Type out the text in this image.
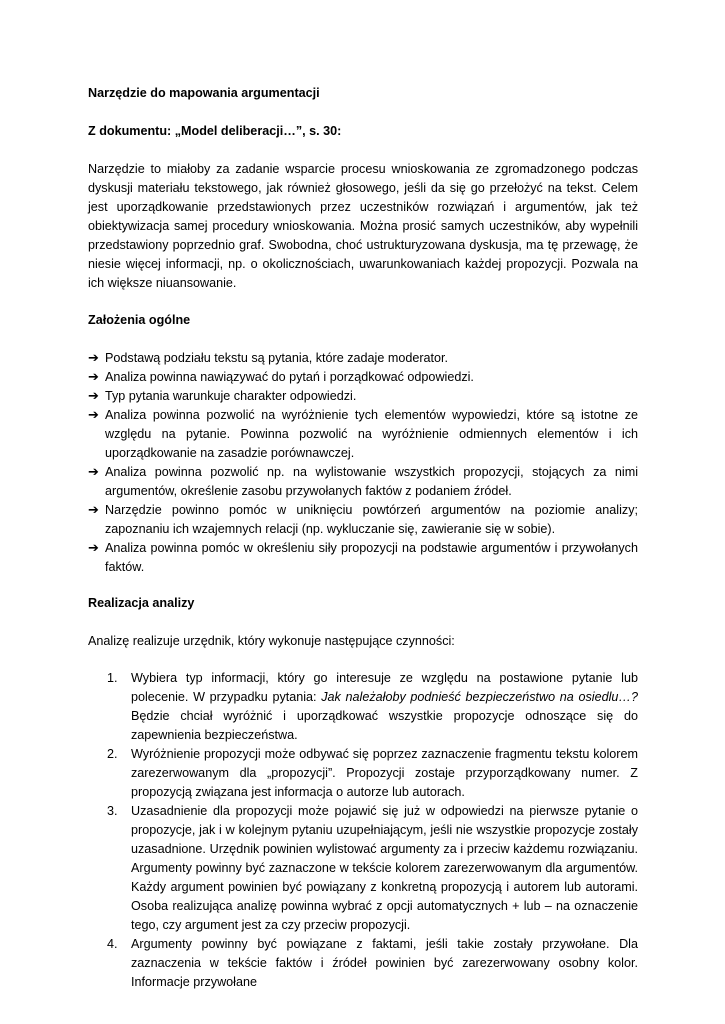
Narzędzie do mapowania argumentacji

Z dokumentu: „Model deliberacji…”, s. 30:

Narzędzie to miałoby za zadanie wsparcie procesu wnioskowania ze zgromadzonego podczas dyskusji materiału tekstowego, jak również głosowego, jeśli da się go przełożyć na tekst. Celem jest uporządkowanie przedstawionych przez uczestników rozwiązań i argumentów, jak też obiektywizacja samej procedury wnioskowania. Można prosić samych uczestników, aby wypełnili przedstawiony poprzednio graf. Swobodna, choć ustrukturyzowana dyskusja, ma tę przewagę, że niesie więcej informacji, np. o okolicznościach, uwarunkowaniach każdej propozycji. Pozwala na ich większe niuansowanie.

Założenia ogólne

➔ Podstawą podziału tekstu są pytania, które zadaje moderator.
➔ Analiza powinna nawiązywać do pytań i porządkować odpowiedzi.
➔ Typ pytania warunkuje charakter odpowiedzi.
➔ Analiza powinna pozwolić na wyróżnienie tych elementów wypowiedzi, które są istotne ze względu na pytanie. Powinna pozwolić na wyróżnienie odmiennych elementów i ich uporządkowanie na zasadzie porównawczej.
➔ Analiza powinna pozwolić np. na wylistowanie wszystkich propozycji, stojących za nimi argumentów, określenie zasobu przywołanych faktów z podaniem źródeł.
➔ Narzędzie powinno pomóc w uniknięciu powtórzeń argumentów na poziomie analizy; zapoznaniu ich wzajemnych relacji (np. wykluczanie się, zawieranie się w sobie).
➔ Analiza powinna pomóc w określeniu siły propozycji na podstawie argumentów i przywołanych faktów.

Realizacja analizy

Analizę realizuje urzędnik, który wykonuje następujące czynności:

1. Wybiera typ informacji, który go interesuje ze względu na postawione pytanie lub polecenie. W przypadku pytania: Jak należałoby podnieść bezpieczeństwo na osiedlu…? Będzie chciał wyróżnić i uporządkować wszystkie propozycje odnoszące się do zapewnienia bezpieczeństwa.
2. Wyróżnienie propozycji może odbywać się poprzez zaznaczenie fragmentu tekstu kolorem zarezerwowanym dla „propozycji”. Propozycji zostaje przyporządkowany numer. Z propozycją związana jest informacja o autorze lub autorach.
3. Uzasadnienie dla propozycji może pojawić się już w odpowiedzi na pierwsze pytanie o propozycje, jak i w kolejnym pytaniu uzupełniającym, jeśli nie wszystkie propozycje zostały uzasadnione. Urzędnik powinien wylistować argumenty za i przeciw każdemu rozwiązaniu. Argumenty powinny być zaznaczone w tekście kolorem zarezerwowanym dla argumentów. Każdy argument powinien być powiązany z konkretną propozycją i autorem lub autorami. Osoba realizująca analizę powinna wybrać z opcji automatycznych + lub – na oznaczenie tego, czy argument jest za czy przeciw propozycji.
4. Argumenty powinny być powiązane z faktami, jeśli takie zostały przywołane. Dla zaznaczenia w tekście faktów i źródeł powinien być zarezerwowany osobny kolor. Informacje przywołane
